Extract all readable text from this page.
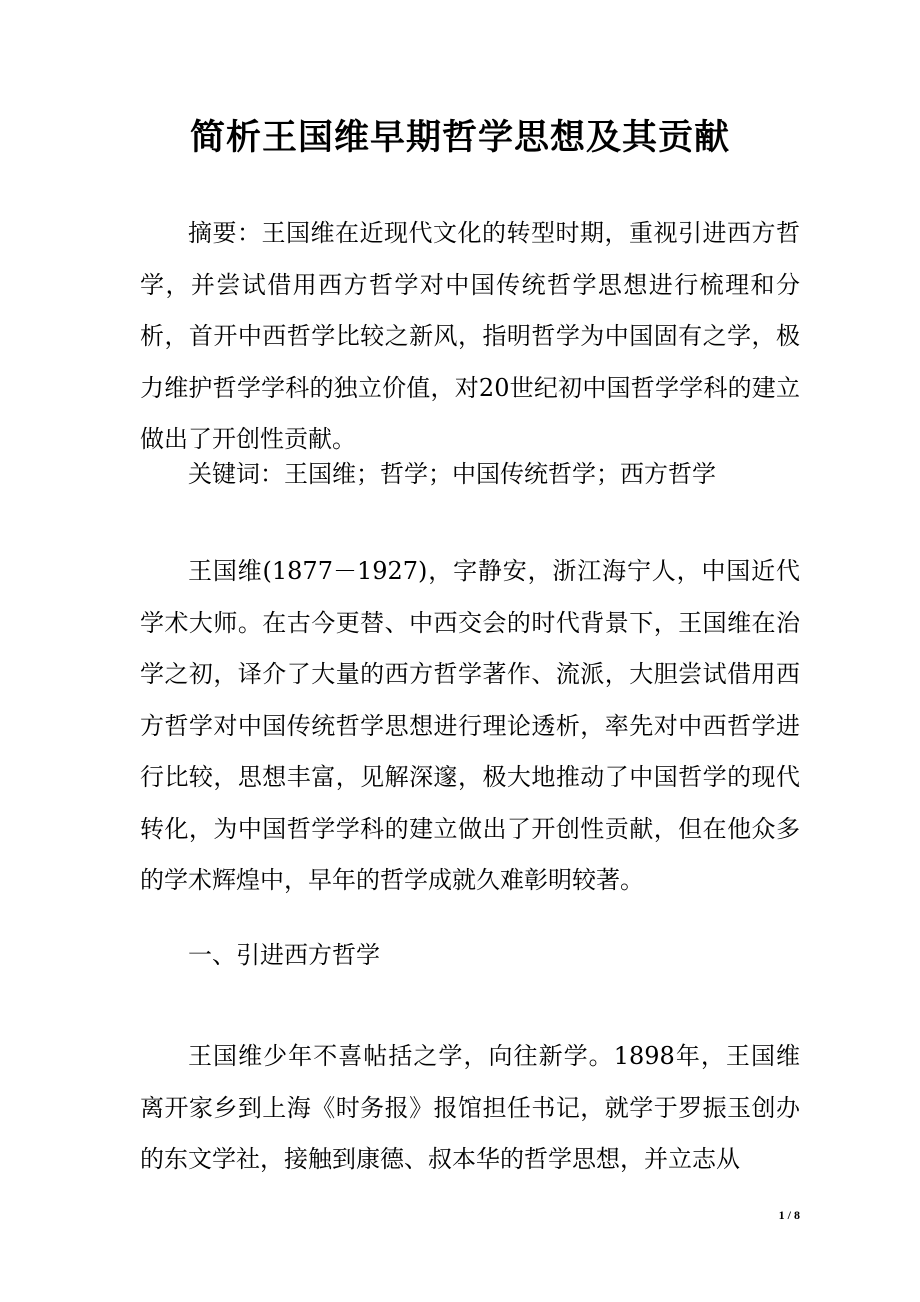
简析王国维早期哲学思想及其贡献

摘要：王国维在近现代文化的转型时期，重视引进西方哲学，并尝试借用西方哲学对中国传统哲学思想进行梳理和分析，首开中西哲学比较之新风，指明哲学为中国固有之学，极力维护哲学学科的独立价值，对20世纪初中国哲学学科的建立做出了开创性贡献。

关键词：王国维；哲学；中国传统哲学；西方哲学

王国维(1877－1927)，字静安，浙江海宁人，中国近代学术大师。在古今更替、中西交会的时代背景下，王国维在治学之初，译介了大量的西方哲学著作、流派，大胆尝试借用西方哲学对中国传统哲学思想进行理论透析，率先对中西哲学进行比较，思想丰富，见解深邃，极大地推动了中国哲学的现代转化，为中国哲学学科的建立做出了开创性贡献，但在他众多的学术辉煌中，早年的哲学成就久难彰明较著。

一、引进西方哲学

王国维少年不喜帖括之学，向往新学。1898年，王国维离开家乡到上海《时务报》报馆担任书记，就学于罗振玉创办的东文学社，接触到康德、叔本华的哲学思想，并立志从

1 / 8
